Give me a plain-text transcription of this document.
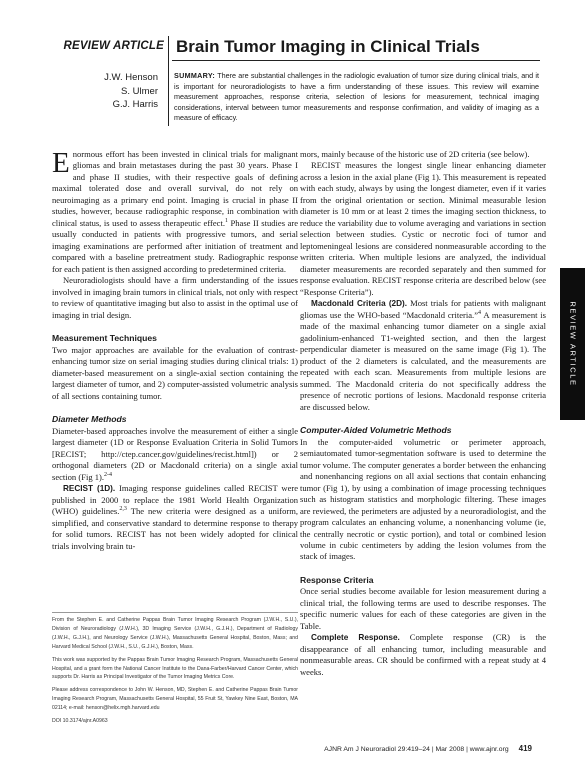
REVIEW ARTICLE Brain Tumor Imaging in Clinical Trials
J.W. Henson
S. Ulmer
G.J. Harris
SUMMARY: There are substantial challenges in the radiologic evaluation of tumor size during clinical trials, and it is important for neuroradiologists to have a firm understanding of these issues. This review will examine measurement approaches, response criteria, selection of lesions for measurement, technical imaging considerations, interval between tumor measurements and response confirmation, and validity of imaging as a measure of efficacy.

Enormous effort has been invested in clinical trials for malignant gliomas and brain metastases during the past 30 years. Phase I and phase II studies, with their respective goals of defining maximal tolerated dose and overall survival, do not rely on neuroimaging as a primary end point. Imaging is crucial in phase II studies, however, because radiographic response, in combination with clinical status, is used to assess therapeutic effect.$^1$ Phase II studies are usually conducted in patients with progressive tumors, and serial imaging examinations are performed after initiation of treatment and compared with a baseline pretreatment study. Radiographic response for each patient is then assigned according to predetermined criteria.

Neuroradiologists should have a firm understanding of the issues involved in imaging brain tumors in clinical trials, not only with respect to review of quantitative imaging but also to assist in the optimal use of imaging in trial design.

Measurement Techniques

Two major approaches are available for the evaluation of contrast-enhancing tumor size on serial imaging studies during clinical trials: 1) diameter-based measurement on a single-axial section containing the largest diameter of tumor, and 2) computer-assisted volumetric analysis of all sections containing tumor.

Diameter Methods

Diameter-based approaches involve the measurement of either a single largest diameter (1D or Response Evaluation Criteria in Solid Tumors [RECIST; http://ctep.cancer.gov/guidelines/recist.html]) or 2 orthogonal diameters (2D or Macdonald criteria) on a single axial section (Fig 1).$^{2-4}$

RECIST (1D). Imaging response guidelines called RECIST were published in 2000 to replace the 1981 World Health Organization (WHO) guidelines.$^{2,3}$ The new criteria were designed as a uniform, simplified, and conservative standard to determine response to therapy for solid tumors. RECIST has not been widely adopted for clinical trials involving brain tu-

From the Stephen E. and Catherine Pappas Brain Tumor Imaging Research Program (J.W.H., S.U.), Division of Neuroradiology (J.W.H.), 3D Imaging Service (J.W.H., G.J.H.), Department of Radiology (J.W.H., G.J.H.), and Neurology Service (J.W.H.), Massachusetts General Hospital, Boston, Mass; and Harvard Medical School (J.W.H., S.U., G.J.H.), Boston, Mass.

This work was supported by the Pappas Brain Tumor Imaging Research Program, Massachusetts General Hospital, and a grant form the National Cancer Institute to the Dana-Farber/Harvard Cancer Center, which supports Dr. Harris as Principal Investigator of the Tumor Imaging Metrics Core.

Please address correspondence to John W. Henson, MD, Stephen E. and Catherine Pappas Brain Tumor Imaging Research Program, Massachusetts General Hospital, 55 Fruit St, Yawkey Nine East, Boston, MA 02114; e-mail: henson@helix.mgh.harvard.edu

DOI 10.3174/ajnr.A0963

mors, mainly because of the historic use of 2D criteria (see below).

RECIST measures the longest single linear enhancing diameter across a lesion in the axial plane (Fig 1). This measurement is repeated with each study, always by using the longest diameter, even if it varies from the original orientation or section. Minimal measurable lesion diameter is 10 mm or at least 2 times the imaging section thickness, to reduce the variability due to volume averaging and variations in section selection between studies. Cystic or necrotic foci of tumor and leptomeningeal lesions are considered nonmeasurable according to the written criteria. When multiple lesions are analyzed, the individual diameter measurements are recorded separately and then summed for response evaluation. RECIST response criteria are described below (see “Response Criteria”).

Macdonald Criteria (2D). Most trials for patients with malignant gliomas use the WHO-based “Macdonald criteria.”$^4$ A measurement is made of the maximal enhancing tumor diameter on a single axial gadolinium-enhanced T1-weighted section, and then the largest perpendicular diameter is measured on the same image (Fig 1). The product of the 2 diameters is calculated, and the measurements are repeated with each scan. Measurements from multiple lesions are summed. The Macdonald criteria do not specifically address the presence of necrotic portions of lesions. Macdonald response criteria are discussed below.

Computer-Aided Volumetric Methods

In the computer-aided volumetric or perimeter approach, semiautomated tumor-segmentation software is used to determine the tumor volume. The computer generates a border between the enhancing and nonenhancing regions on all axial sections that contain enhancing tumor (Fig 1), by using a combination of image processing techniques such as histogram statistics and morphologic filtering. These images are reviewed, the perimeters are adjusted by a neuroradiologist, and the program calculates an enhancing volume, a nonenhancing volume (ie, the centrally necrotic or cystic portion), and total or combined lesion volume in cubic centimeters by adding the lesion volumes from the stack of images.

Response Criteria

Once serial studies become available for lesion measurement during a clinical trial, the following terms are used to describe responses. The specific numeric values for each of these categories are given in the Table.

Complete Response. Complete response (CR) is the disappearance of all enhancing tumor, including measurable and nonmeasurable areas. CR should be confirmed with a repeat study at 4 weeks.

REVIEW ARTICLE
AJNR Am J Neuroradiol 29:419–24 | Mar 2008 | www.ajnr.org 419
